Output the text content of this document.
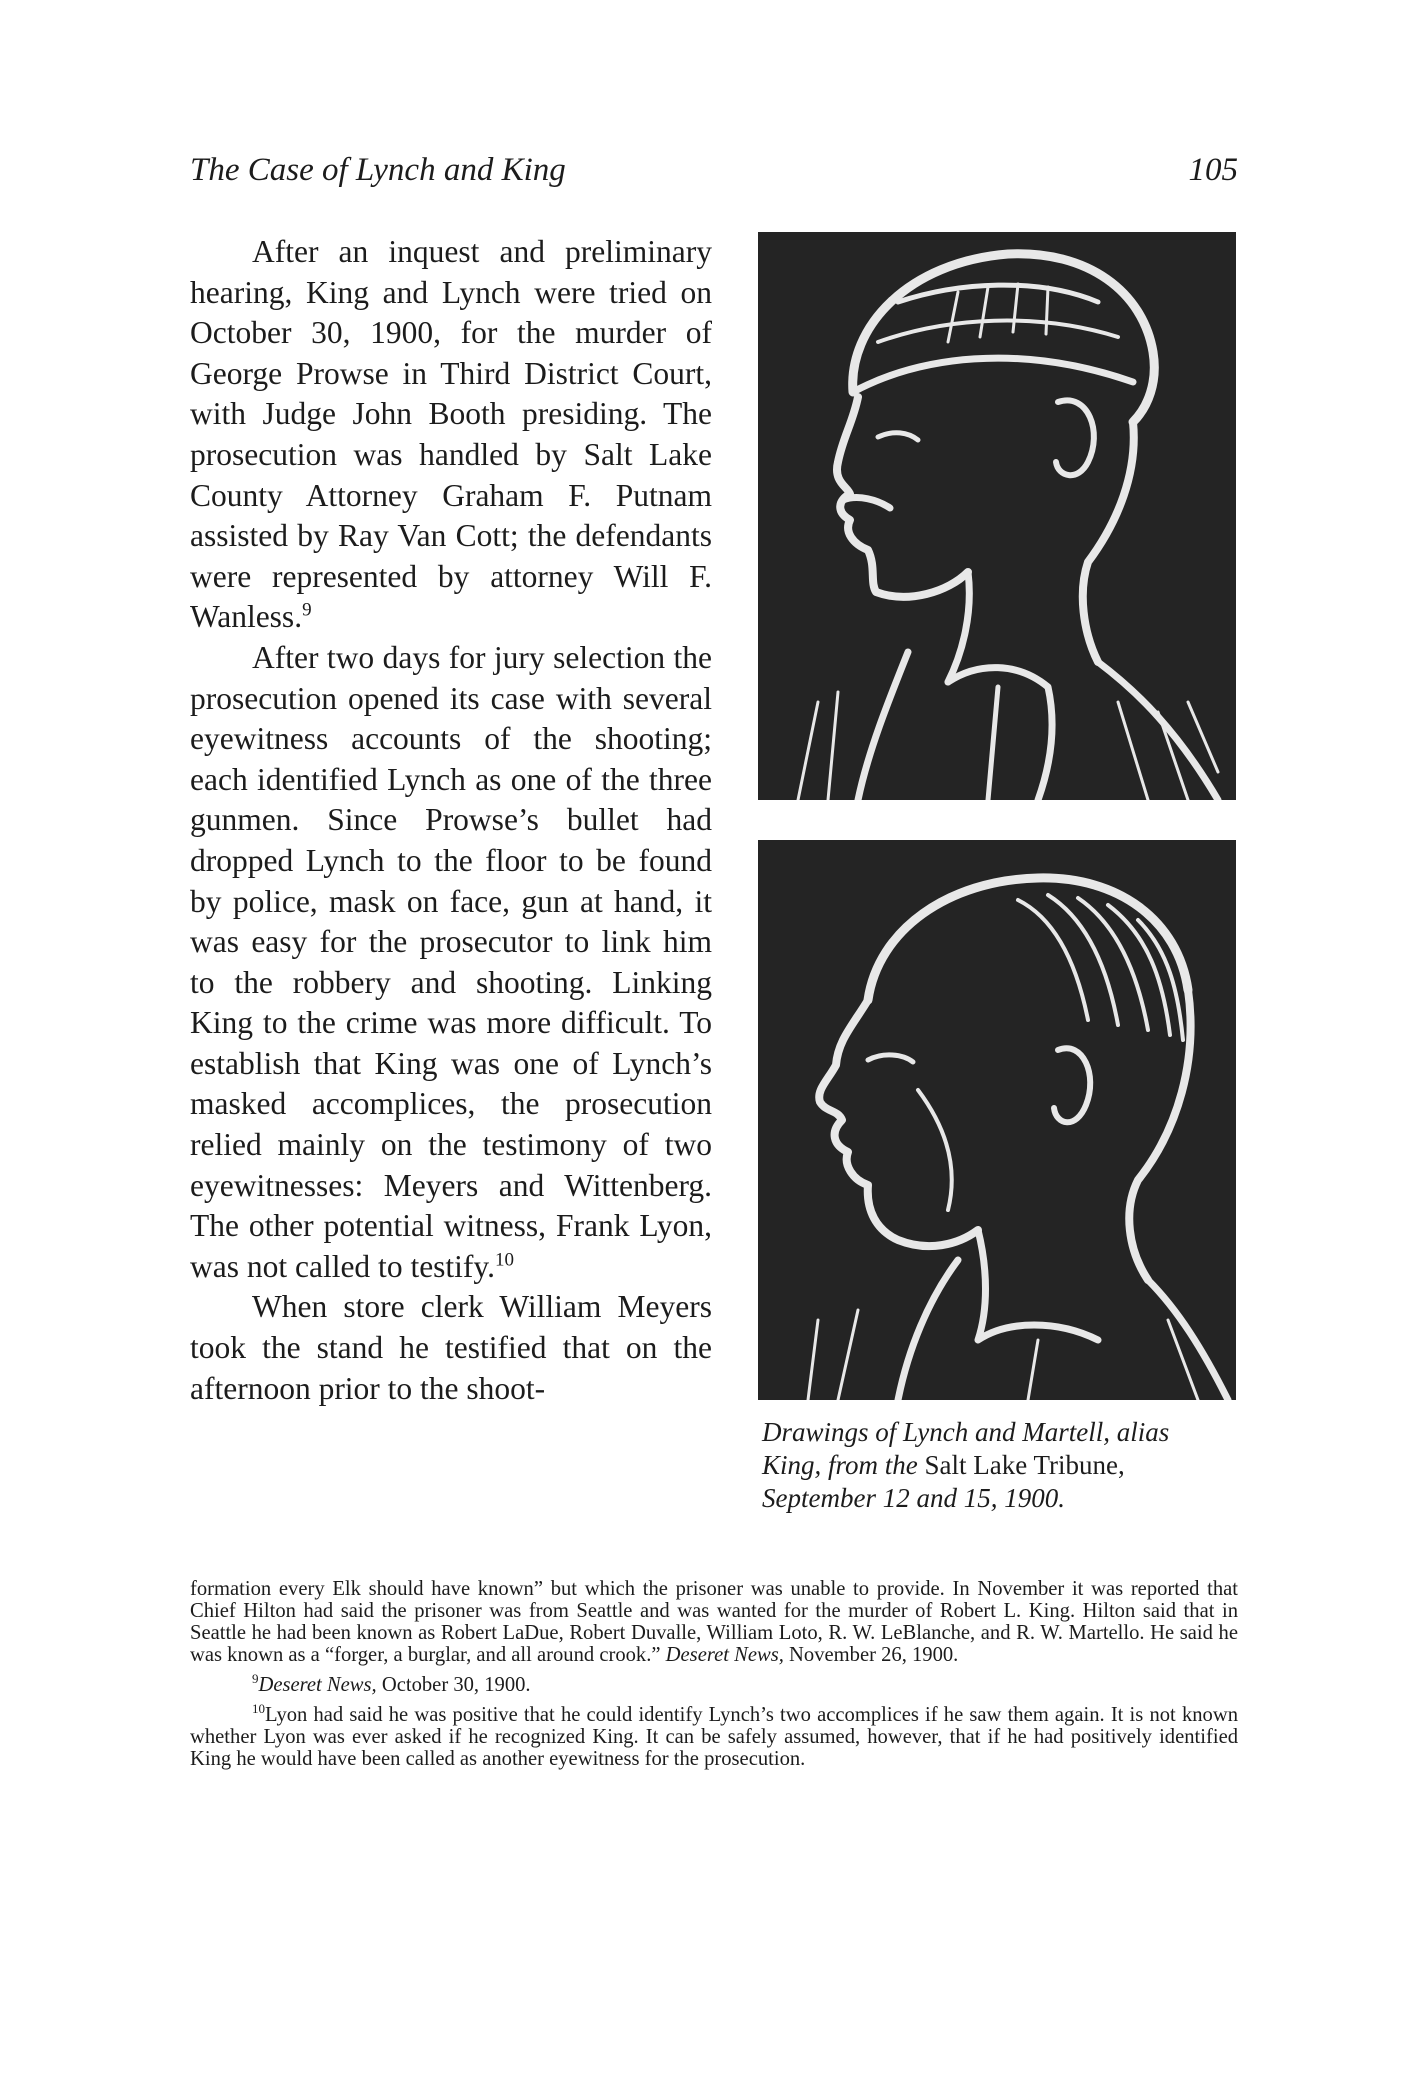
The Case of Lynch and King	105

After an inquest and preliminary hearing, King and Lynch were tried on October 30, 1900, for the murder of George Prowse in Third District Court, with Judge John Booth presiding. The prosecution was handled by Salt Lake County Attorney Graham F. Putnam assisted by Ray Van Cott; the defendants were represented by attorney Will F. Wanless.$^9$

After two days for jury selection the prosecution opened its case with several eyewitness accounts of the shooting; each identified Lynch as one of the three gunmen. Since Prowse’s bullet had dropped Lynch to the floor to be found by police, mask on face, gun at hand, it was easy for the prosecutor to link him to the robbery and shooting. Linking King to the crime was more difficult. To establish that King was one of Lynch’s masked accomplices, the prosecution relied mainly on the testimony of two eyewitnesses: Meyers and Wittenberg. The other potential witness, Frank Lyon, was not called to testify.$^{10}$

When store clerk William Meyers took the stand he testified that on the afternoon prior to the shoot-

Drawings of Lynch and Martell, alias King, from the Salt Lake Tribune, September 12 and 15, 1900.

formation every Elk should have known” but which the prisoner was unable to provide. In November it was reported that Chief Hilton had said the prisoner was from Seattle and was wanted for the murder of Robert L. King. Hilton said that in Seattle he had been known as Robert LaDue, Robert Duvalle, William Loto, R. W. LeBlanche, and R. W. Martello. He said he was known as a “forger, a burglar, and all around crook.” Deseret News, November 26, 1900.

$^9$Deseret News, October 30, 1900.

$^{10}$Lyon had said he was positive that he could identify Lynch’s two accomplices if he saw them again. It is not known whether Lyon was ever asked if he recognized King. It can be safely assumed, however, that if he had positively identified King he would have been called as another eyewitness for the prosecution.
